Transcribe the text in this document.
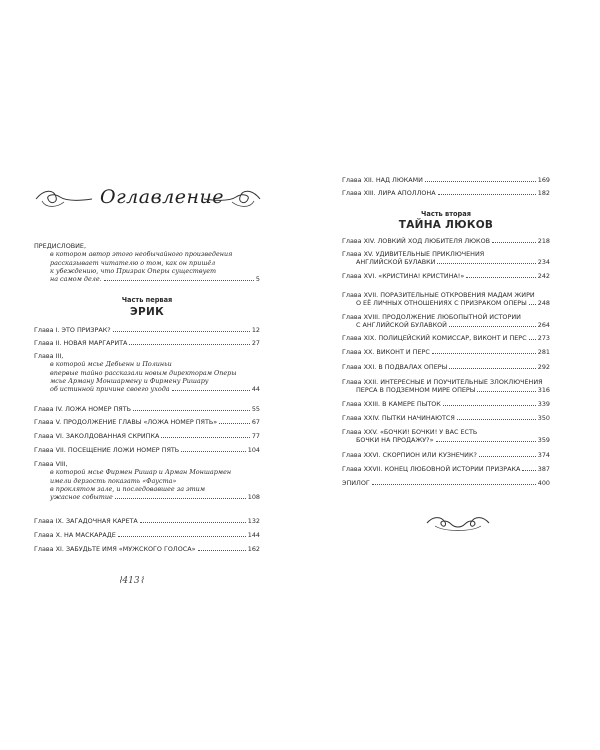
Оглавление
ПРЕДИСЛОВИЕ,
в котором автор этого необычайного произведения
рассказывает читателю о том, как он пришёл
к убеждению, что Призрак Оперы существует
на самом деле.	5
Часть первая
ЭРИК
Глава I. ЭТО ПРИЗРАК?	12
Глава II. НОВАЯ МАРГАРИТА	27
Глава III,
в которой мсье Дебьенн и Полиньи
впервые тайно рассказали новым директорам Оперы
мсье Арману Моншармену и Фирмену Ришару
об истинной причине своего ухода	44
Глава IV. ЛОЖА НОМЕР ПЯТЬ	55
Глава V. ПРОДОЛЖЕНИЕ ГЛАВЫ «ЛОЖА НОМЕР ПЯТЬ»	67
Глава VI. ЗАКОЛДОВАННАЯ СКРИПКА	77
Глава VII. ПОСЕЩЕНИЕ ЛОЖИ НОМЕР ПЯТЬ	104
Глава VIII,
в которой мсье Фирмен Ришар и Арман Моншармен
имели дерзость показать «Фауста»
в проклятом зале, и последовавшее за этим
ужасное событие	108
Глава IX. ЗАГАДОЧНАЯ КАРЕТА	132
Глава X. НА МАСКАРАДЕ	144
Глава XI. ЗАБУДЬТЕ ИМЯ «МУЖСКОГО ГОЛОСА»	162
⌇413⌇
Глава XII. НАД ЛЮКАМИ	169
Глава XIII. ЛИРА АПОЛЛОНА	182
Часть вторая
ТАЙНА ЛЮКОВ
Глава XIV. ЛОВКИЙ ХОД ЛЮБИТЕЛЯ ЛЮКОВ	218
Глава XV. УДИВИТЕЛЬНЫЕ ПРИКЛЮЧЕНИЯ
АНГЛИЙСКОЙ БУЛАВКИ	234
Глава XVI. «КРИСТИНА! КРИСТИНА!»	242
Глава XVII. ПОРАЗИТЕЛЬНЫЕ ОТКРОВЕНИЯ МАДАМ ЖИРИ
О ЕЁ ЛИЧНЫХ ОТНОШЕНИЯХ С ПРИЗРАКОМ ОПЕРЫ 248
Глава XVIII. ПРОДОЛЖЕНИЕ ЛЮБОПЫТНОЙ ИСТОРИИ
С АНГЛИЙСКОЙ БУЛАВКОЙ	264
Глава XIX. ПОЛИЦЕЙСКИЙ КОМИССАР, ВИКОНТ И ПЕРС 273
Глава XX. ВИКОНТ И ПЕРС	281
Глава XXI. В ПОДВАЛАХ ОПЕРЫ	292
Глава XXII. ИНТЕРЕСНЫЕ И ПОУЧИТЕЛЬНЫЕ ЗЛОКЛЮЧЕНИЯ
ПЕРСА В ПОДЗЕМНОМ МИРЕ ОПЕРЫ	316
Глава XXIII. В КАМЕРЕ ПЫТОК	339
Глава XXIV. ПЫТКИ НАЧИНАЮТСЯ	350
Глава XXV. «БОЧКИ! БОЧКИ! У ВАС ЕСТЬ
БОЧКИ НА ПРОДАЖУ?»	359
Глава XXVI. СКОРПИОН ИЛИ КУЗНЕЧИК?	374
Глава XXVII. КОНЕЦ ЛЮБОВНОЙ ИСТОРИИ ПРИЗРАКА	387
ЭПИЛОГ	400
